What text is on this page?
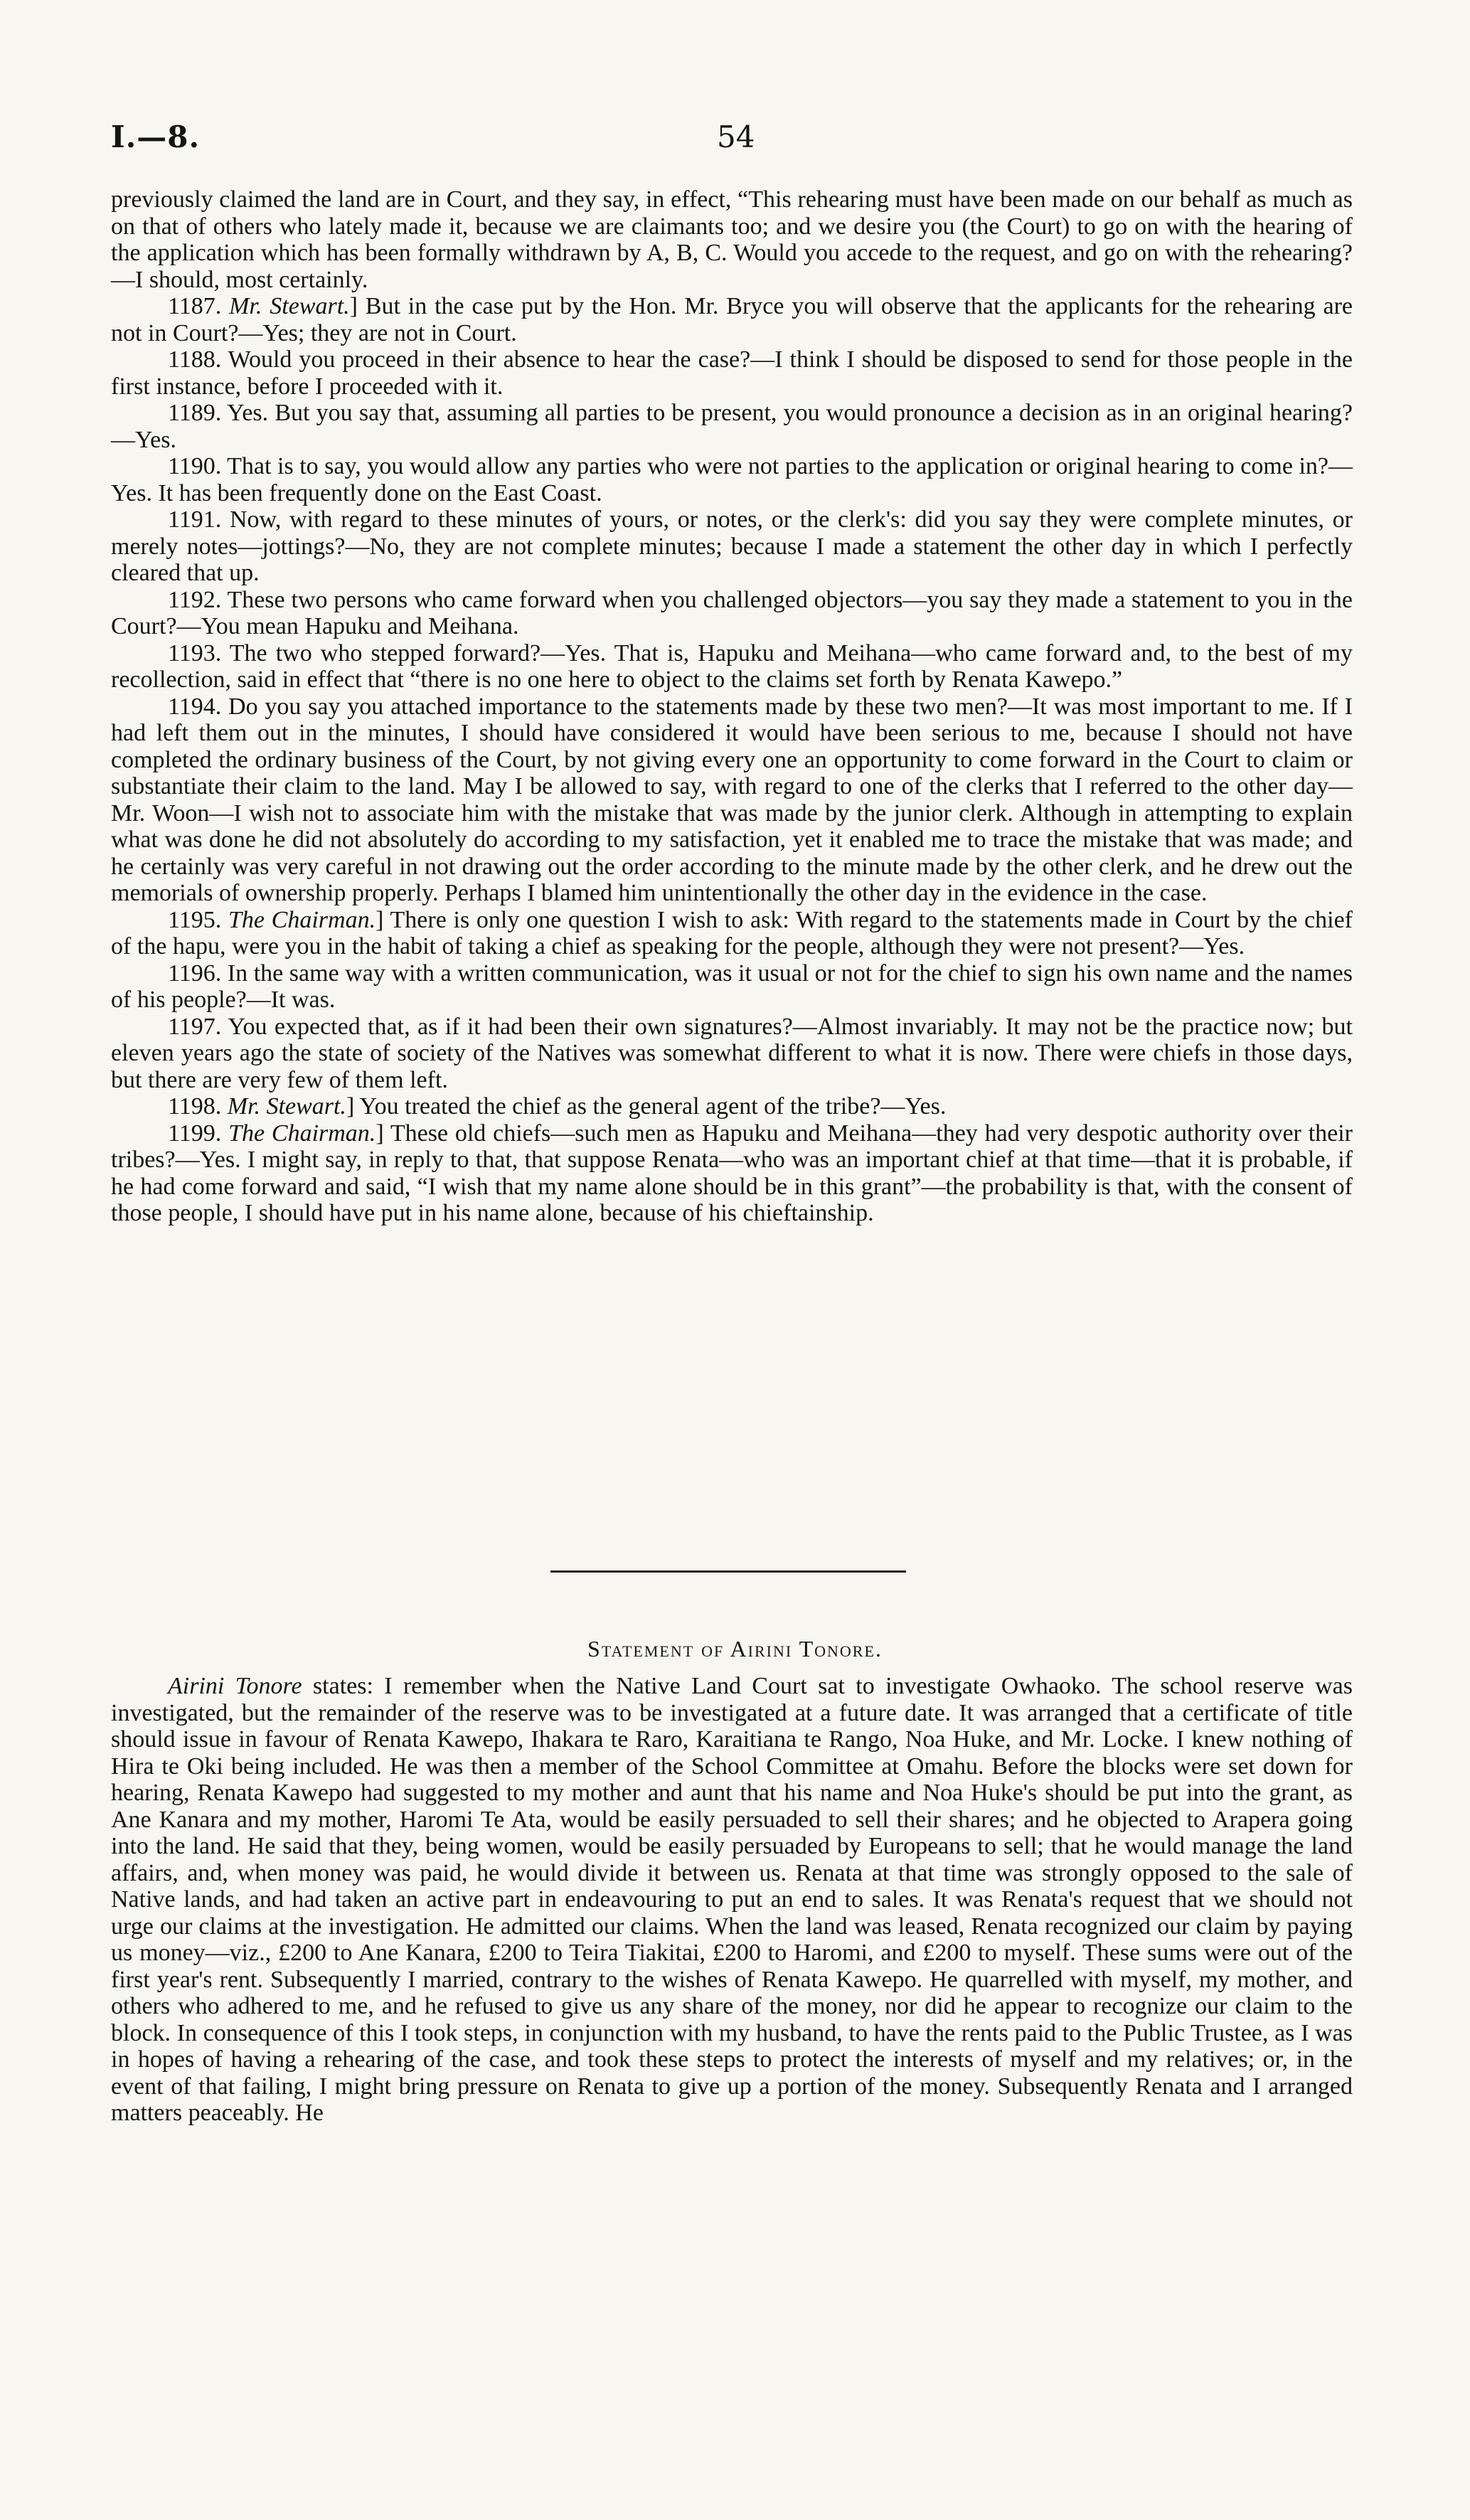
I.—8.	54

previously claimed the land are in Court, and they say, in effect, “This rehearing must have been made on our behalf as much as on that of others who lately made it, because we are claimants too; and we desire you (the Court) to go on with the hearing of the application which has been formally withdrawn by A, B, C. Would you accede to the request, and go on with the rehearing?—I should, most certainly.

1187. Mr. Stewart.] But in the case put by the Hon. Mr. Bryce you will observe that the applicants for the rehearing are not in Court?—Yes; they are not in Court.

1188. Would you proceed in their absence to hear the case?—I think I should be disposed to send for those people in the first instance, before I proceeded with it.

1189. Yes. But you say that, assuming all parties to be present, you would pronounce a decision as in an original hearing?—Yes.

1190. That is to say, you would allow any parties who were not parties to the application or original hearing to come in?—Yes. It has been frequently done on the East Coast.

1191. Now, with regard to these minutes of yours, or notes, or the clerk's: did you say they were complete minutes, or merely notes—jottings?—No, they are not complete minutes; because I made a statement the other day in which I perfectly cleared that up.

1192. These two persons who came forward when you challenged objectors—you say they made a statement to you in the Court?—You mean Hapuku and Meihana.

1193. The two who stepped forward?—Yes. That is, Hapuku and Meihana—who came forward and, to the best of my recollection, said in effect that “there is no one here to object to the claims set forth by Renata Kawepo.”

1194. Do you say you attached importance to the statements made by these two men?—It was most important to me. If I had left them out in the minutes, I should have considered it would have been serious to me, because I should not have completed the ordinary business of the Court, by not giving every one an opportunity to come forward in the Court to claim or substantiate their claim to the land. May I be allowed to say, with regard to one of the clerks that I referred to the other day—Mr. Woon—I wish not to associate him with the mistake that was made by the junior clerk. Although in attempting to explain what was done he did not absolutely do according to my satisfaction, yet it enabled me to trace the mistake that was made; and he certainly was very careful in not drawing out the order according to the minute made by the other clerk, and he drew out the memorials of ownership properly. Perhaps I blamed him unintentionally the other day in the evidence in the case.

1195. The Chairman.] There is only one question I wish to ask: With regard to the statements made in Court by the chief of the hapu, were you in the habit of taking a chief as speaking for the people, although they were not present?—Yes.

1196. In the same way with a written communication, was it usual or not for the chief to sign his own name and the names of his people?—It was.

1197. You expected that, as if it had been their own signatures?—Almost invariably. It may not be the practice now; but eleven years ago the state of society of the Natives was somewhat different to what it is now. There were chiefs in those days, but there are very few of them left.

1198. Mr. Stewart.] You treated the chief as the general agent of the tribe?—Yes.

1199. The Chairman.] These old chiefs—such men as Hapuku and Meihana—they had very despotic authority over their tribes?—Yes. I might say, in reply to that, that suppose Renata—who was an important chief at that time—that it is probable, if he had come forward and said, “I wish that my name alone should be in this grant”—the probability is that, with the consent of those people, I should have put in his name alone, because of his chieftainship.

Statement of Airini Tonore.

Airini Tonore states: I remember when the Native Land Court sat to investigate Owhaoko. The school reserve was investigated, but the remainder of the reserve was to be investigated at a future date. It was arranged that a certificate of title should issue in favour of Renata Kawepo, Ihakara te Raro, Karaitiana te Rango, Noa Huke, and Mr. Locke. I knew nothing of Hira te Oki being included. He was then a member of the School Committee at Omahu. Before the blocks were set down for hearing, Renata Kawepo had suggested to my mother and aunt that his name and Noa Huke's should be put into the grant, as Ane Kanara and my mother, Haromi Te Ata, would be easily persuaded to sell their shares; and he objected to Arapera going into the land. He said that they, being women, would be easily persuaded by Europeans to sell; that he would manage the land affairs, and, when money was paid, he would divide it between us. Renata at that time was strongly opposed to the sale of Native lands, and had taken an active part in endeavouring to put an end to sales. It was Renata's request that we should not urge our claims at the investigation. He admitted our claims. When the land was leased, Renata recognized our claim by paying us money—viz., £200 to Ane Kanara, £200 to Teira Tiakitai, £200 to Haromi, and £200 to myself. These sums were out of the first year's rent. Subsequently I married, contrary to the wishes of Renata Kawepo. He quarrelled with myself, my mother, and others who adhered to me, and he refused to give us any share of the money, nor did he appear to recognize our claim to the block. In consequence of this I took steps, in conjunction with my husband, to have the rents paid to the Public Trustee, as I was in hopes of having a rehearing of the case, and took these steps to protect the interests of myself and my relatives; or, in the event of that failing, I might bring pressure on Renata to give up a portion of the money. Subsequently Renata and I arranged matters peaceably. He
